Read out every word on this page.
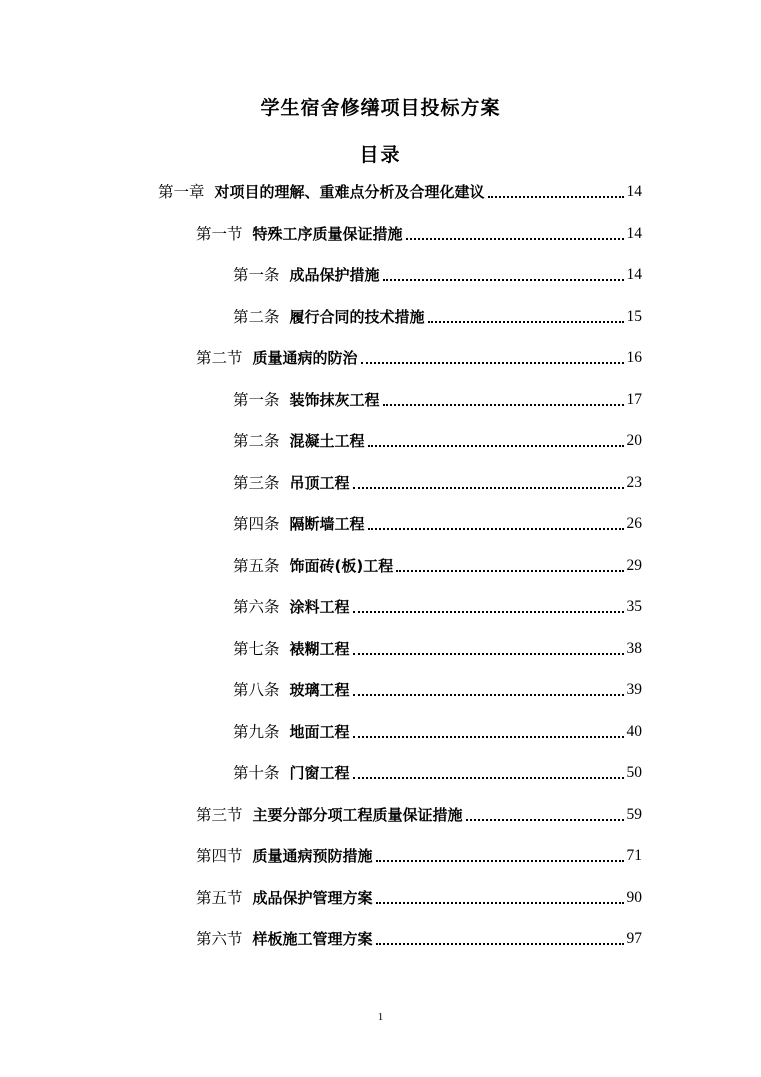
学生宿舍修缮项目投标方案
目录
第一章 对项目的理解、重难点分析及合理化建议	14
第一节 特殊工序质量保证措施	14
第一条 成品保护措施	14
第二条 履行合同的技术措施	15
第二节 质量通病的防治	16
第一条 装饰抹灰工程	17
第二条 混凝土工程	20
第三条 吊顶工程	23
第四条 隔断墙工程	26
第五条 饰面砖(板)工程	29
第六条 涂料工程	35
第七条 裱糊工程	38
第八条 玻璃工程	39
第九条 地面工程	40
第十条 门窗工程	50
第三节 主要分部分项工程质量保证措施	59
第四节 质量通病预防措施	71
第五节 成品保护管理方案	90
第六节 样板施工管理方案	97
1
